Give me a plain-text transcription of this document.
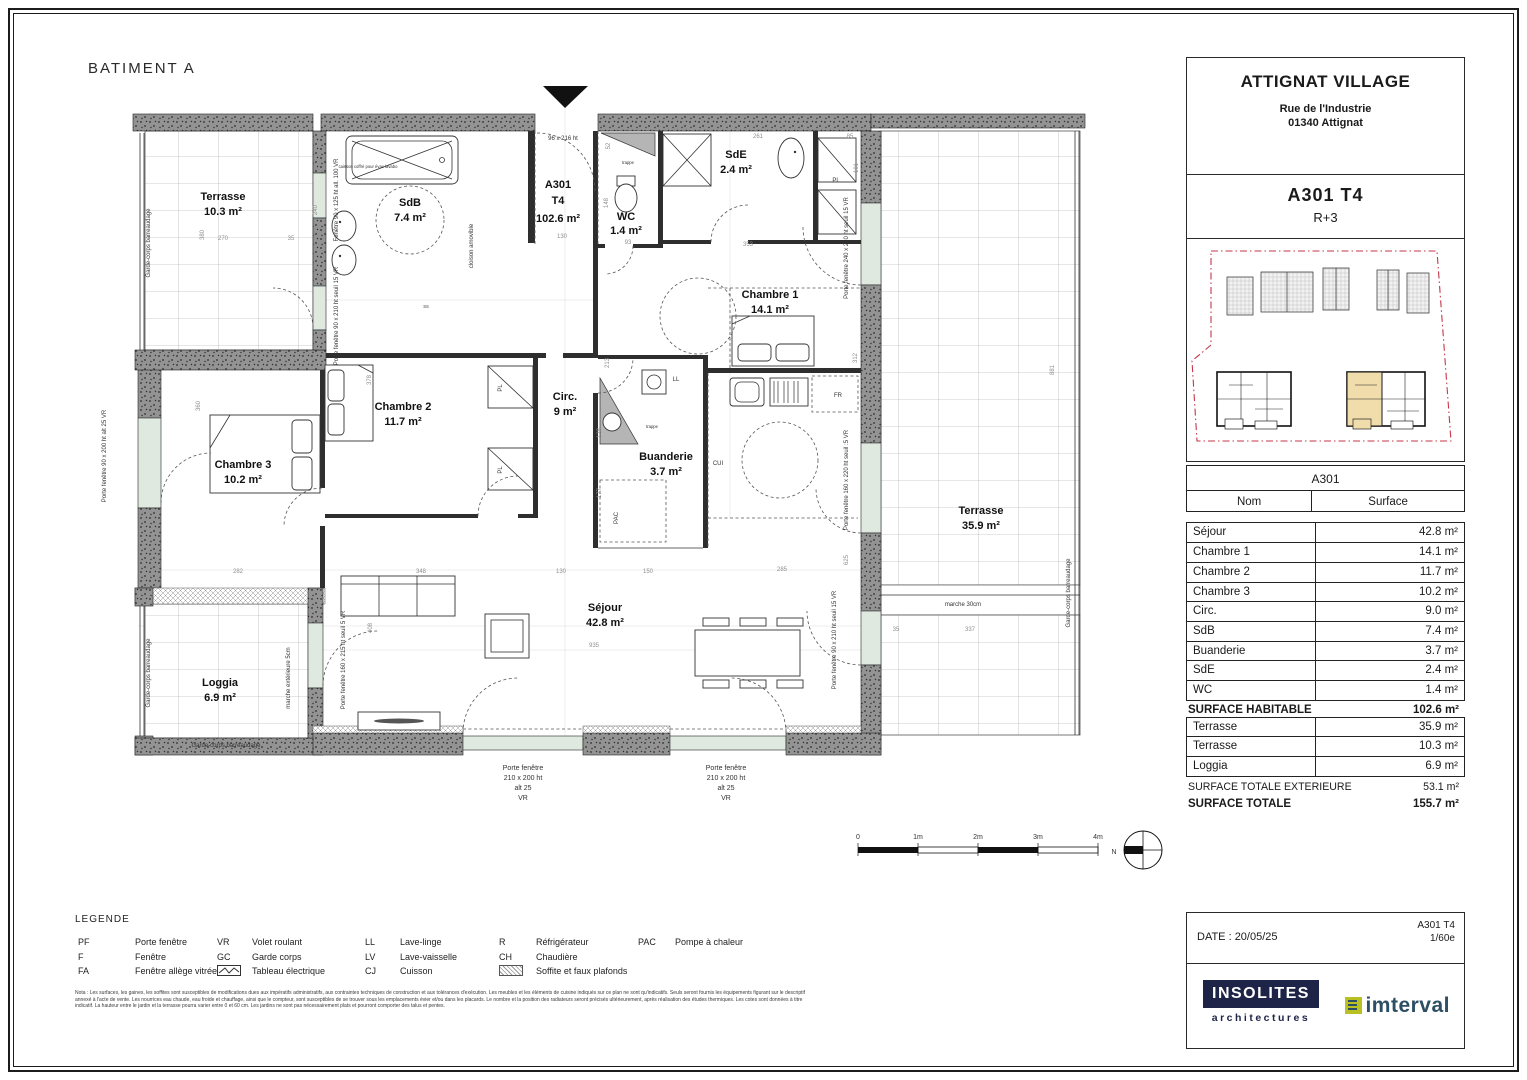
BATIMENT A
96 x 216 ht
A301
T4
102.6 m²
trappe
LL
trappe
PAC
FR
CUI
Terrasse
10.3 m²
SdB
7.4 m²	WC
1.4 m²
SdE
2.4 m²
Chambre 1
14.1 m²
Chambre 2
11.7 m²
Chambre 3
10.2 m²
Circ.
9 m²
Buanderie
3.7 m²
Terrasse
35.9 m²
Séjour
42.8 m²
Loggia
6.9 m²
Garde-corps barreaudage
Garde-corps barreaudage
Garde-corps barreaudage
Garde-corps barreaudage
Porte fenêtre 90 x 200 ht alt 25 VR
Fenêtre 90 x 125 ht all. 100 VR
Porte fenêtre 90 x 210 ht seuil 15 VR
Porte fenêtre 240 x 210 ht seuil 15 VR
Porte fenêtre 160 x 220 ht seuil :5 VR
Porte fenêtre 90 x 210 ht seuil 15 VR
Porte fenêtre 160 x 215 ht seuil 5 VR
marche extérieure 5cm
marche 30cm
cloison amovible
caisson coffré pour évac lavabo
PL
PL
PL
SS
Porte fenêtre
210 x 200 ht
alt 25
VR
Porte fenêtre
210 x 200 ht
alt 25
VR
270	35
380
52
148
93
130
261	85
101
353
312
213
240
360
378
282	348
408
130	150	285
625
935
881
35	337
128
177
0	1m	2m	3m	4m
N
ATTIGNAT VILLAGE
Rue de l'Industrie
01340 Attignat
A301 T4
R+3
A301
Nom	Surface
Séjour	42.8 m²
Chambre 1	14.1 m²
Chambre 2	11.7 m²
Chambre 3	10.2 m²
Circ.	9.0 m²
SdB	7.4 m²
Buanderie	3.7 m²
SdE	2.4 m²
WC	1.4 m²
SURFACE HABITABLE	102.6 m²
Terrasse	35.9 m²
Terrasse	10.3 m²
Loggia	6.9 m²
SURFACE TOTALE EXTERIEURE	53.1 m²
SURFACE TOTALE	155.7 m²
DATE : 20/05/25
A301 T4
1/60e
INSOLITES
architectures
imterval
LEGENDE
PF	Porte fenêtre
F	Fenêtre
FA	Fenêtre allège vitrée
VR	Volet roulant
GC	Garde corps
Tableau électrique
LL	Lave-linge
LV	Lave-vaisselle
CJ	Cuisson
R	Réfrigérateur
CH	Chaudière
Soffite et faux plafonds
PAC	Pompe à chaleur
Nota : Les surfaces, les gaines, les soffites sont susceptibles de modifications dues aux impératifs administratifs, aux contraintes techniques de construction et aux tolérances d'exécution. Les meubles et les éléments de cuisine indiqués sur ce plan ne sont qu'indicatifs. Seuls seront fournis les équipements figurant sur le descriptif
annexé à l'acte de vente. Les nourrices eau chaude, eau froide et chauffage, ainsi que le compteur, sont susceptibles de se trouver sous les emplacements évier et/ou dans les placards. Le nombre et la position des radiateurs seront précisés ultérieurement, après réalisation des études thermiques. Les cotes sont données à titre
indicatif. La hauteur entre le jardin et la terrasse pourra varier entre 0 et 60 cm. Les jardins ne sont pas nécessairement plats et pourront comporter des talus et pentes.
